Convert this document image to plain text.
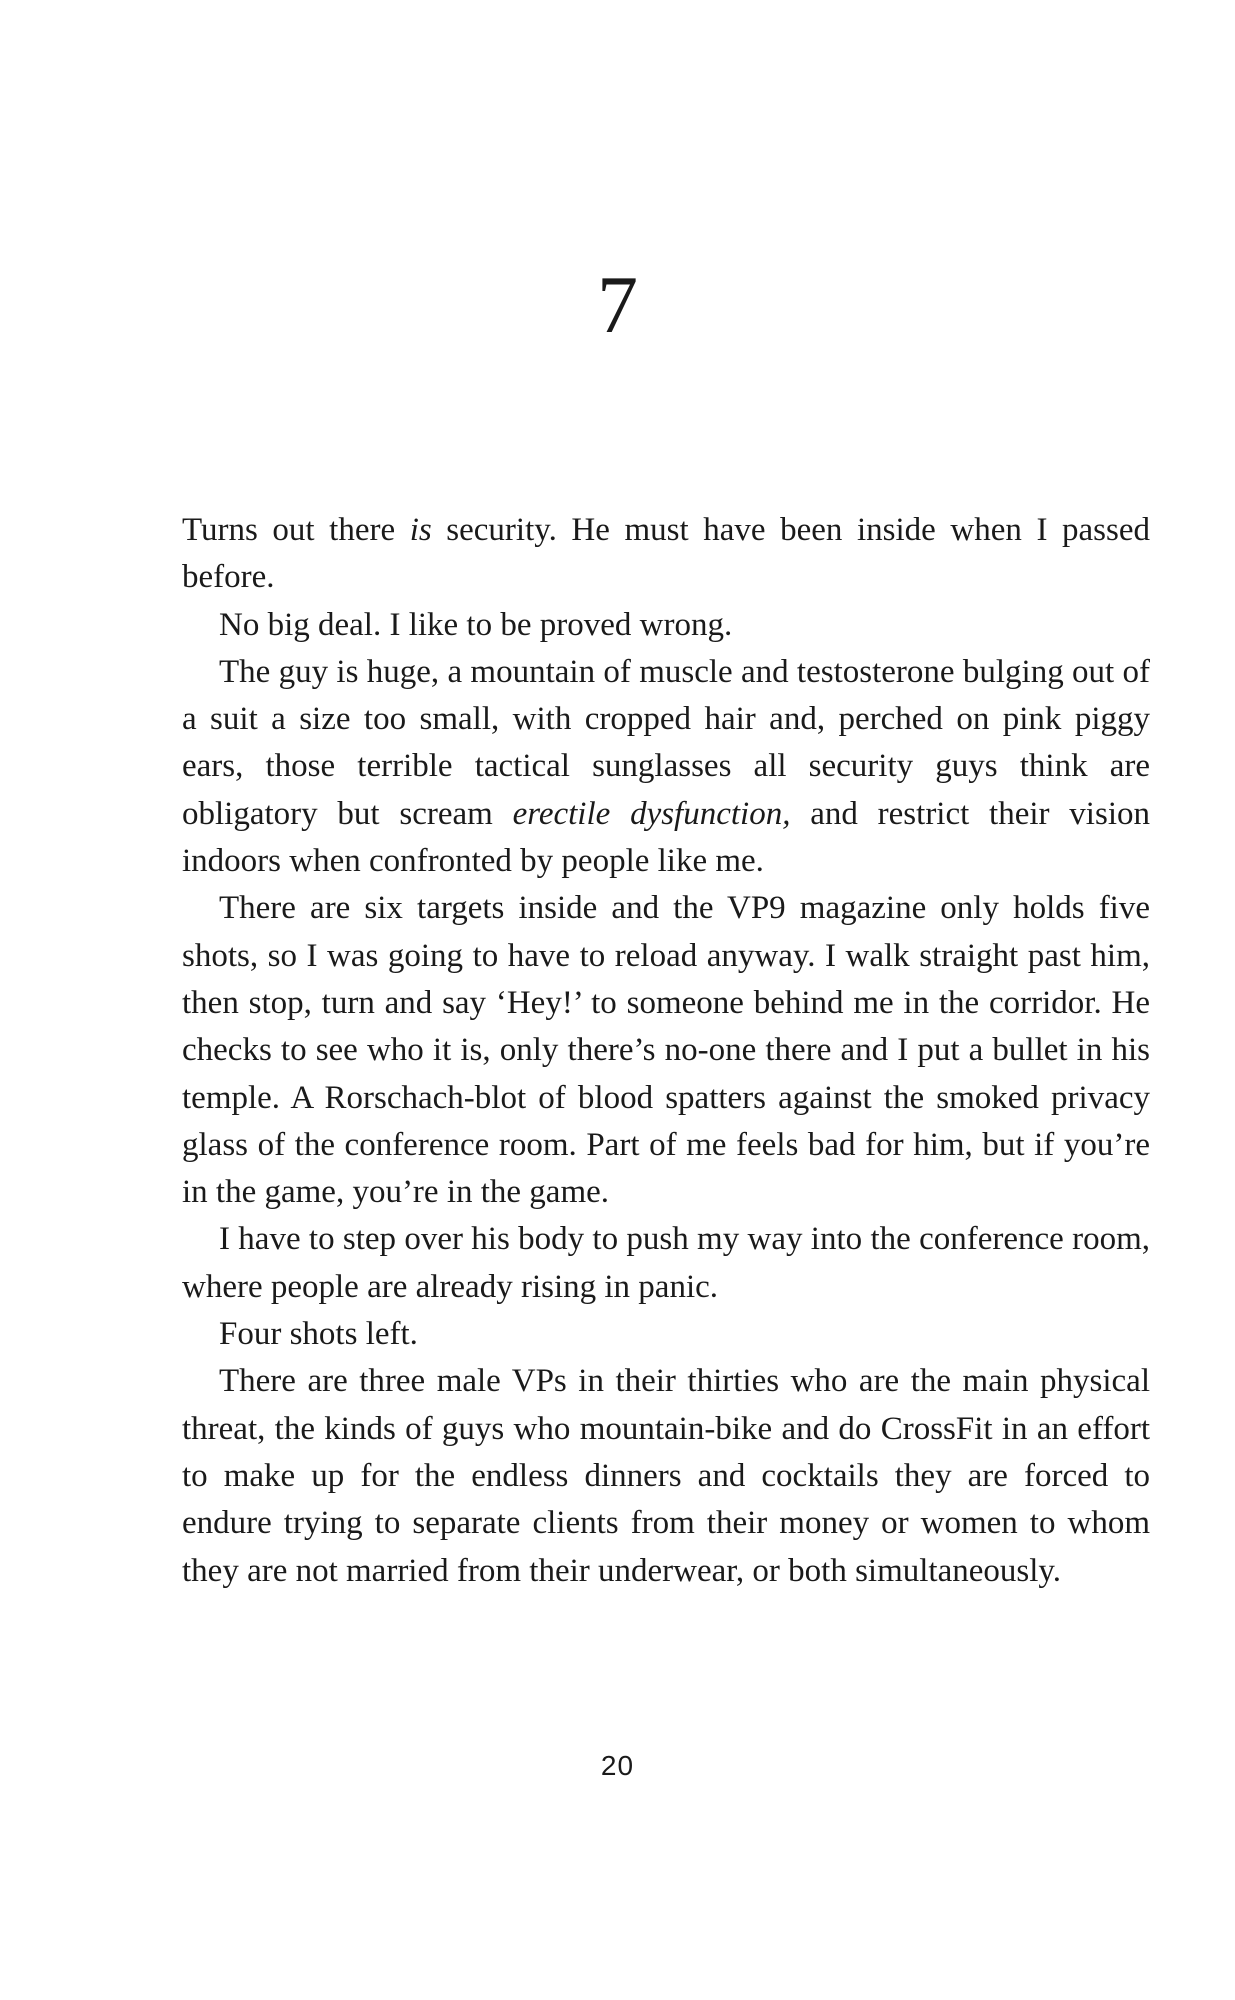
7

Turns out there is security. He must have been inside when I passed before.

No big deal. I like to be proved wrong.

The guy is huge, a mountain of muscle and testosterone bulging out of a suit a size too small, with cropped hair and, perched on pink piggy ears, those terrible tactical sunglasses all security guys think are obligatory but scream erectile dysfunction, and restrict their vision indoors when confronted by people like me.

There are six targets inside and the VP9 magazine only holds five shots, so I was going to have to reload anyway. I walk straight past him, then stop, turn and say ‘Hey!’ to someone behind me in the corridor. He checks to see who it is, only there’s no-one there and I put a bullet in his temple. A Rorschach-blot of blood spatters against the smoked privacy glass of the conference room. Part of me feels bad for him, but if you’re in the game, you’re in the game.

I have to step over his body to push my way into the conference room, where people are already rising in panic.

Four shots left.

There are three male VPs in their thirties who are the main physical threat, the kinds of guys who mountain-bike and do CrossFit in an effort to make up for the endless dinners and cocktails they are forced to endure trying to separate clients from their money or women to whom they are not married from their underwear, or both simultaneously.

20
